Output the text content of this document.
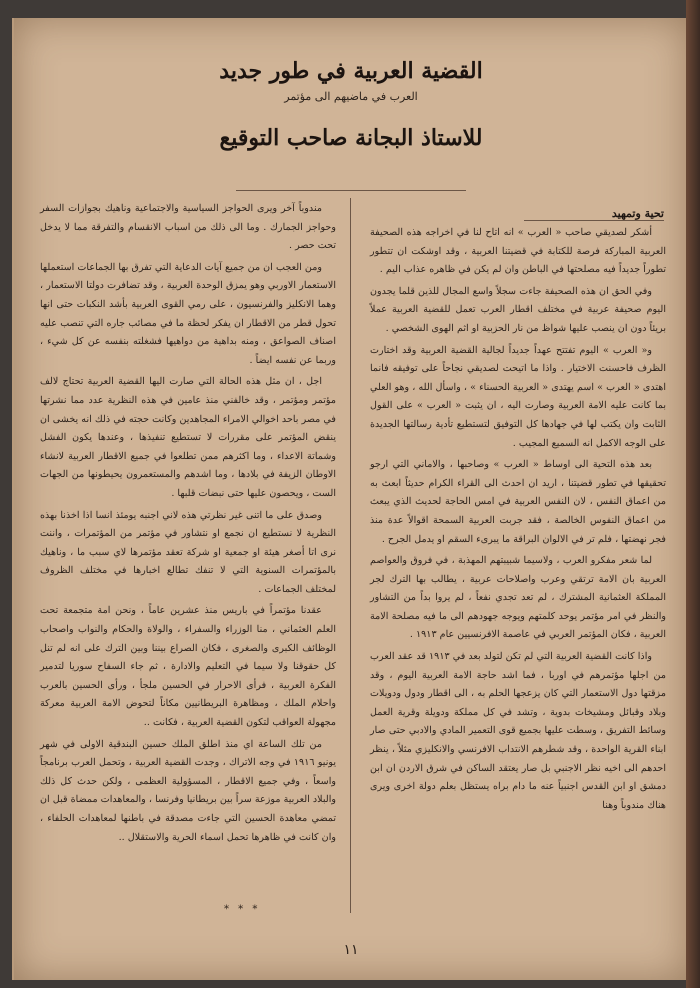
القضية العربية في طور جديد
العرب في ماضيهم الى مؤتمر
للاستاذ البجانة صاحب التوقيع
تحية وتمهيد

أشكر لصديقي صاحب « العرب » انه اتاح لنا في اخراجه هذه الصحيفة العربية المباركة فرصة للكتابة في قضيتنا العربية ، وقد اوشكت ان تتطور تطوراً جديداً فيه مصلحتها في الباطن وان لم يكن في ظاهره عذاب اليم .

وفي الحق ان هذه الصحيفة جاءت سجلاً واسع المجال للذين قلما يجدون اليوم صحيفة عربية في مختلف اقطار العرب تعمل للقضية العربية عملاً بريئاً دون ان ينصب عليها شواظ من نار الحزبية او اثم الهوى الشخصي .

و« العرب » اليوم تفتتح عهداً جديداً لجالية القضية العربية وقد اختارت الظرف فاحسنت الاختيار . واذا ما اتيحت لصديقي نجاحاً على توفيقه فانما اهتدى « العرب » اسم يهتدى « العربية الحسناء » ، واسأل الله ، وهو العلي بما كانت عليه الامة العربية وصارت اليه ، ان يثبت « العرب » على القول الثابت وان يكتب لها في جهادها كل التوفيق لتستطيع تأدية رسالتها الجديدة على الوجه الاكمل انه السميع المجيب .

بعد هذه التحية الى اوساط « العرب » وصاحبها ، والاماني التي ارجو تحقيقها في تطور قضيتنا ، اريد ان احدث الى القراء الكرام حديثاً ابعث به من اعماق النفس ، لان النفس العربية في امس الحاجة لحديث الذي يبعث من اعماق النفوس الخالصة ، فقد جربت العربية السمحة اقوالاً عدة منذ فجر نهضتها ، فلم تر في الالوان البراقة ما يبرىء السقم او يدمل الجرح .

لما شعر مفكرو العرب ، ولاسيما شبيبتهم المهذبة ، في فروق والعواصم العربية بان الامة ترتقي وعرب واصلاحات عربية ، يطالب بها الترك لجر المملكة العثمانية المشترك ، لم تعد تجدي نفعاً ، لم يروا بداً من التشاور والنظر في امر مؤتمر يوحد كلمتهم ويوجه جهودهم الى ما فيه مصلحة الامة العربية ، فكان المؤتمر العربي في عاصمة الافرنسيين عام ١٩١٣ .

واذا كانت القضية العربية التي لم تكن لتولد بعد في ١٩١٣ قد عقد العرب من اجلها مؤتمرهم في اوربا ، فما اشد حاجة الامة العربية اليوم ، وقد مزقتها دول الاستعمار التي كان يزعجها الحلم به ، الى اقطار ودول ودويلات وبلاد وقبائل ومشيخات بدوية ، وتشد في كل مملكة ودويلة وقرية العمل وسائط التفريق ، وسطت عليها بجميع قوى التعمير المادي والادبي حتى صار ابناء القرية الواحدة ، وقد شطرهم الانتداب الافرنسي والانكليزي مثلاً ، ينظر احدهم الى اخيه نظر الاجنبي بل صار يعتقد الساكن في شرق الاردن ان ابن دمشق او ابن القدس اجنبياً عنه ما دام براه يستظل بعلم دولة اخرى ويرى هناك مندوباً وهنا

مندوباً آخر ويرى الحواجز السياسية والاجتماعية وناهيك بجوازات السفر وحواجز الجمارك . وما الى ذلك من اسباب الانقسام والتفرقة مما لا يدخل تحت حصر .

ومن العجب ان من جميع آيات الدعاية التي تفرق بها الجماعات استعملها الاستعمار الاوربي وهو يمزق الوحدة العربية ، وقد تضافرت دولتا الاستعمار ، وهما الانكليز والفرنسيون ، على رمي القوى العربية بأشد النكبات حتى انها تحول قطر من الاقطار ان يفكر لحظة ما في مصائب جاره التي تنصب عليه اصناف الصواعق ، ومنه بداهية من دواهيها فشغلته بنفسه عن كل شيء ، وربما عن نفسه ايضاً .

اجل ، ان مثل هذه الحالة التي صارت اليها القضية العربية تحتاج لالف مؤتمر ومؤتمر ، وقد خالفني منذ عامين في هذه النظرية عدد مما نشرتها في مصر باحد اخوالي الامراء المجاهدين وكانت حجته في ذلك انه يخشى ان ينقض المؤتمر على مقررات لا تستطيع تنفيذها ، وعندها يكون الفشل وشماتة الاعداء ، وما اكثرهم ممن تطلعوا في جميع الاقطار العربية لانشاء الاوطان الزيفة في بلادها ، وما اشدهم والمستعمرون يحيطونها من الجهات الست ، ويحصون عليها حتى نبضات قلبها .

وصدق على ما اتنى غير نظرتي هذه لاني اجنبه يومئذ انسا اذا اخذنا بهذه النظرية لا نستطيع ان نجمع او نتشاور في مؤتمر من المؤتمرات ، واننت نرى اتا أصغر هيئة او جمعية او شركة تعقد مؤتمرها لاي سبب ما ، وناهيك بالمؤتمرات السنوية التي لا تنفك تطالع اخبارها في مختلف الظروف لمختلف الجماعات .

عقدنا مؤتمراً في باريس منذ عشرين عاماً ، ونحن امة متجمعة تحت العلم العثماني ، منا الوزراء والسفراء ، والولاة والحكام والنواب واصحاب الوظائف الكبرى والصغرى ، فكان الصراع بيننا وبين الترك على انه لم تنل كل حقوقنا ولا سيما في التعليم والادارة ، ثم جاء السفاح سوريا لتدمير الفكرة العربية ، فرأى الاحرار في الحسين ملجأ ، ورأى الحسين بالعرب واحلام الملك ، ومظاهرة البريطانيين مكاناً لتحوض الامة العربية معركة مجهولة العواقب لتكون القضية العربية ، فكانت ..

من تلك الساعة اي منذ اطلق الملك حسين البندقية الاولى في شهر يونيو ١٩١٦ في وجه الاتراك ، وجدت القضية العربية ، وتحمل العرب برنامجاً واسعاً ، وفي جميع الاقطار ، المسؤولية العظمى ، ولكن حدث كل ذلك والبلاد العربية موزعة سراً بين بريطانيا وفرنسا ، والمعاهدات ممضاة قبل ان تمضي معاهدة الحسين التي جاءت مصدقة في باطنها لمعاهدات الحلفاء ، وان كانت في ظاهرها تحمل اسماء الحرية والاستقلال ..

* * *
١١
